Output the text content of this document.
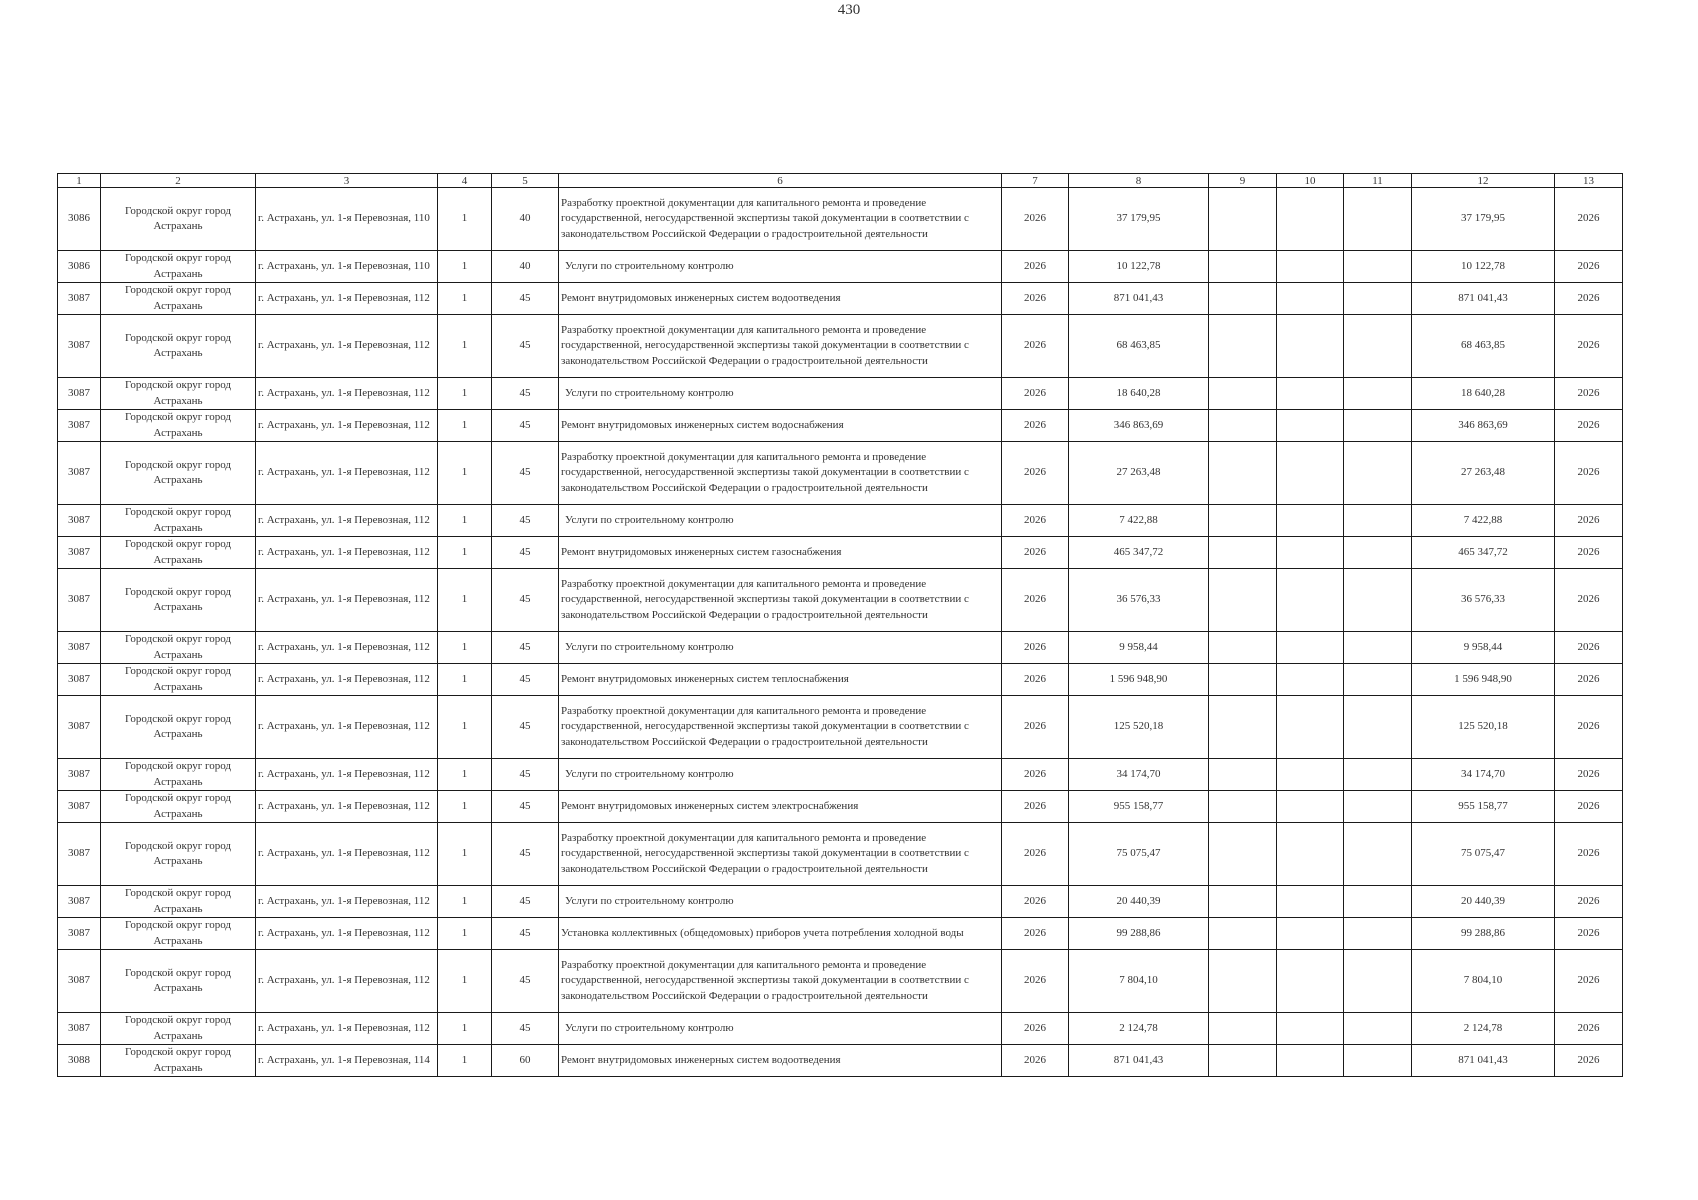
430
1	2	3	4	5	6	7	8	9	10	11	12	13
3086	Городской округ город Астрахань	г. Астрахань, ул. 1-я Перевозная, 110	1	40	Разработку проектной документации для капитального ремонта и проведение государственной, негосударственной экспертизы такой документации в соответствии с законодательством Российской Федерации о градостроительной деятельности	2026	37 179,95				37 179,95	2026
3086	Городской округ город Астрахань	г. Астрахань, ул. 1-я Перевозная, 110	1	40	Услуги по строительному контролю	2026	10 122,78				10 122,78	2026
3087	Городской округ город Астрахань	г. Астрахань, ул. 1-я Перевозная, 112	1	45	Ремонт внутридомовых инженерных систем водоотведения	2026	871 041,43				871 041,43	2026
3087	Городской округ город Астрахань	г. Астрахань, ул. 1-я Перевозная, 112	1	45	Разработку проектной документации для капитального ремонта и проведение государственной, негосударственной экспертизы такой документации в соответствии с законодательством Российской Федерации о градостроительной деятельности	2026	68 463,85				68 463,85	2026
3087	Городской округ город Астрахань	г. Астрахань, ул. 1-я Перевозная, 112	1	45	Услуги по строительному контролю	2026	18 640,28				18 640,28	2026
3087	Городской округ город Астрахань	г. Астрахань, ул. 1-я Перевозная, 112	1	45	Ремонт внутридомовых инженерных систем водоснабжения	2026	346 863,69				346 863,69	2026
3087	Городской округ город Астрахань	г. Астрахань, ул. 1-я Перевозная, 112	1	45	Разработку проектной документации для капитального ремонта и проведение государственной, негосударственной экспертизы такой документации в соответствии с законодательством Российской Федерации о градостроительной деятельности	2026	27 263,48				27 263,48	2026
3087	Городской округ город Астрахань	г. Астрахань, ул. 1-я Перевозная, 112	1	45	Услуги по строительному контролю	2026	7 422,88				7 422,88	2026
3087	Городской округ город Астрахань	г. Астрахань, ул. 1-я Перевозная, 112	1	45	Ремонт внутридомовых инженерных систем газоснабжения	2026	465 347,72				465 347,72	2026
3087	Городской округ город Астрахань	г. Астрахань, ул. 1-я Перевозная, 112	1	45	Разработку проектной документации для капитального ремонта и проведение государственной, негосударственной экспертизы такой документации в соответствии с законодательством Российской Федерации о градостроительной деятельности	2026	36 576,33				36 576,33	2026
3087	Городской округ город Астрахань	г. Астрахань, ул. 1-я Перевозная, 112	1	45	Услуги по строительному контролю	2026	9 958,44				9 958,44	2026
3087	Городской округ город Астрахань	г. Астрахань, ул. 1-я Перевозная, 112	1	45	Ремонт внутридомовых инженерных систем теплоснабжения	2026	1 596 948,90				1 596 948,90	2026
3087	Городской округ город Астрахань	г. Астрахань, ул. 1-я Перевозная, 112	1	45	Разработку проектной документации для капитального ремонта и проведение государственной, негосударственной экспертизы такой документации в соответствии с законодательством Российской Федерации о градостроительной деятельности	2026	125 520,18				125 520,18	2026
3087	Городской округ город Астрахань	г. Астрахань, ул. 1-я Перевозная, 112	1	45	Услуги по строительному контролю	2026	34 174,70				34 174,70	2026
3087	Городской округ город Астрахань	г. Астрахань, ул. 1-я Перевозная, 112	1	45	Ремонт внутридомовых инженерных систем электроснабжения	2026	955 158,77				955 158,77	2026
3087	Городской округ город Астрахань	г. Астрахань, ул. 1-я Перевозная, 112	1	45	Разработку проектной документации для капитального ремонта и проведение государственной, негосударственной экспертизы такой документации в соответствии с законодательством Российской Федерации о градостроительной деятельности	2026	75 075,47				75 075,47	2026
3087	Городской округ город Астрахань	г. Астрахань, ул. 1-я Перевозная, 112	1	45	Услуги по строительному контролю	2026	20 440,39				20 440,39	2026
3087	Городской округ город Астрахань	г. Астрахань, ул. 1-я Перевозная, 112	1	45	Установка коллективных (общедомовых) приборов учета потребления холодной воды	2026	99 288,86				99 288,86	2026
3087	Городской округ город Астрахань	г. Астрахань, ул. 1-я Перевозная, 112	1	45	Разработку проектной документации для капитального ремонта и проведение государственной, негосударственной экспертизы такой документации в соответствии с законодательством Российской Федерации о градостроительной деятельности	2026	7 804,10				7 804,10	2026
3087	Городской округ город Астрахань	г. Астрахань, ул. 1-я Перевозная, 112	1	45	Услуги по строительному контролю	2026	2 124,78				2 124,78	2026
3088	Городской округ город Астрахань	г. Астрахань, ул. 1-я Перевозная, 114	1	60	Ремонт внутридомовых инженерных систем водоотведения	2026	871 041,43				871 041,43	2026
